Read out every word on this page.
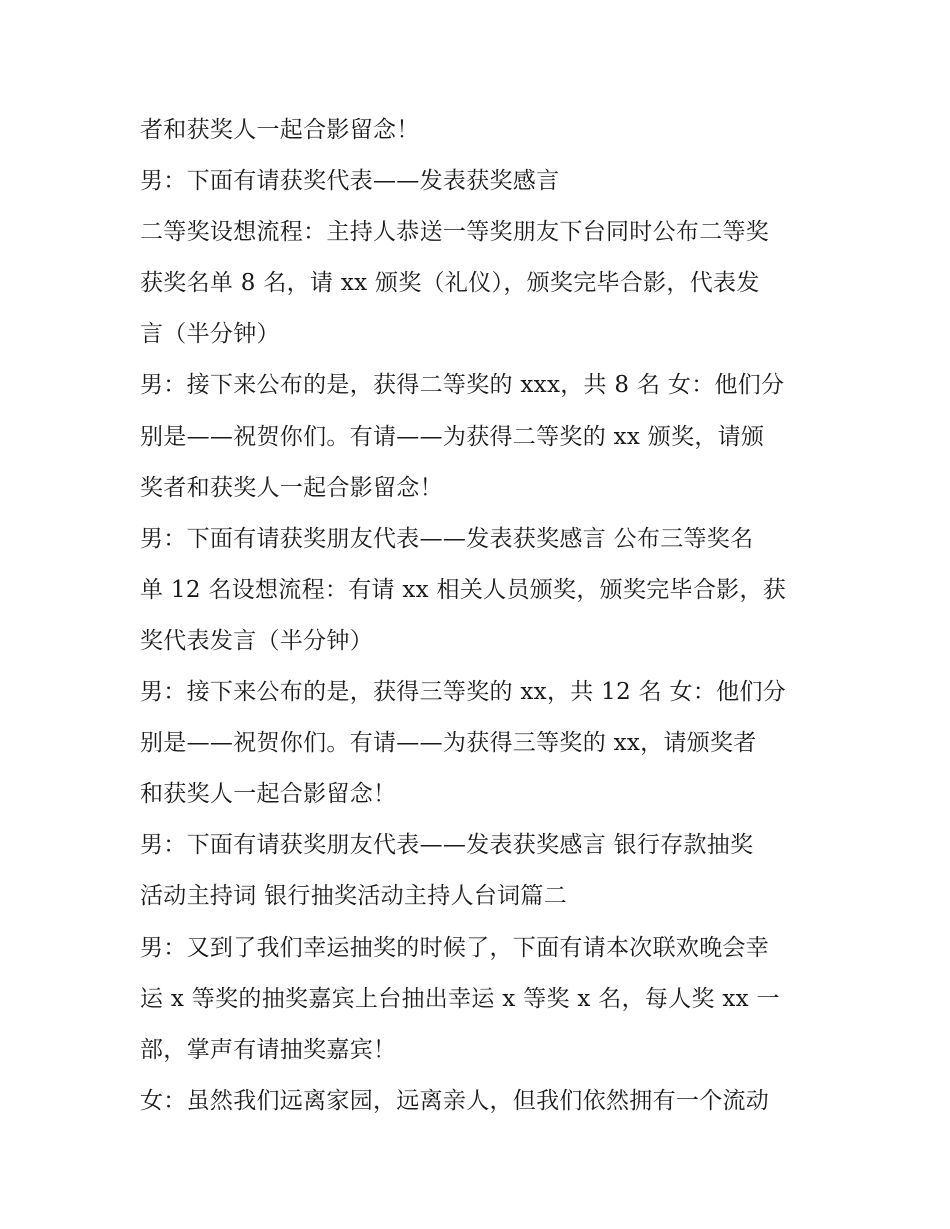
者和获奖人一起合影留念！
男：下面有请获奖代表——发表获奖感言
二等奖设想流程：主持人恭送一等奖朋友下台同时公布二等奖
获奖名单 8 名，请 xx 颁奖（礼仪），颁奖完毕合影，代表发
言（半分钟）
男：接下来公布的是，获得二等奖的 xxx，共 8 名 女：他们分
别是——祝贺你们。有请——为获得二等奖的 xx 颁奖，请颁
奖者和获奖人一起合影留念！
男：下面有请获奖朋友代表——发表获奖感言 公布三等奖名
单 12 名设想流程：有请 xx 相关人员颁奖，颁奖完毕合影，获
奖代表发言（半分钟）
男：接下来公布的是，获得三等奖的 xx，共 12 名 女：他们分
别是——祝贺你们。有请——为获得三等奖的 xx，请颁奖者
和获奖人一起合影留念！
男：下面有请获奖朋友代表——发表获奖感言 银行存款抽奖
活动主持词 银行抽奖活动主持人台词篇二
男：又到了我们幸运抽奖的时候了，下面有请本次联欢晚会幸
运 x 等奖的抽奖嘉宾上台抽出幸运 x 等奖 x 名，每人奖 xx 一
部，掌声有请抽奖嘉宾！
女：虽然我们远离家园，远离亲人，但我们依然拥有一个流动
